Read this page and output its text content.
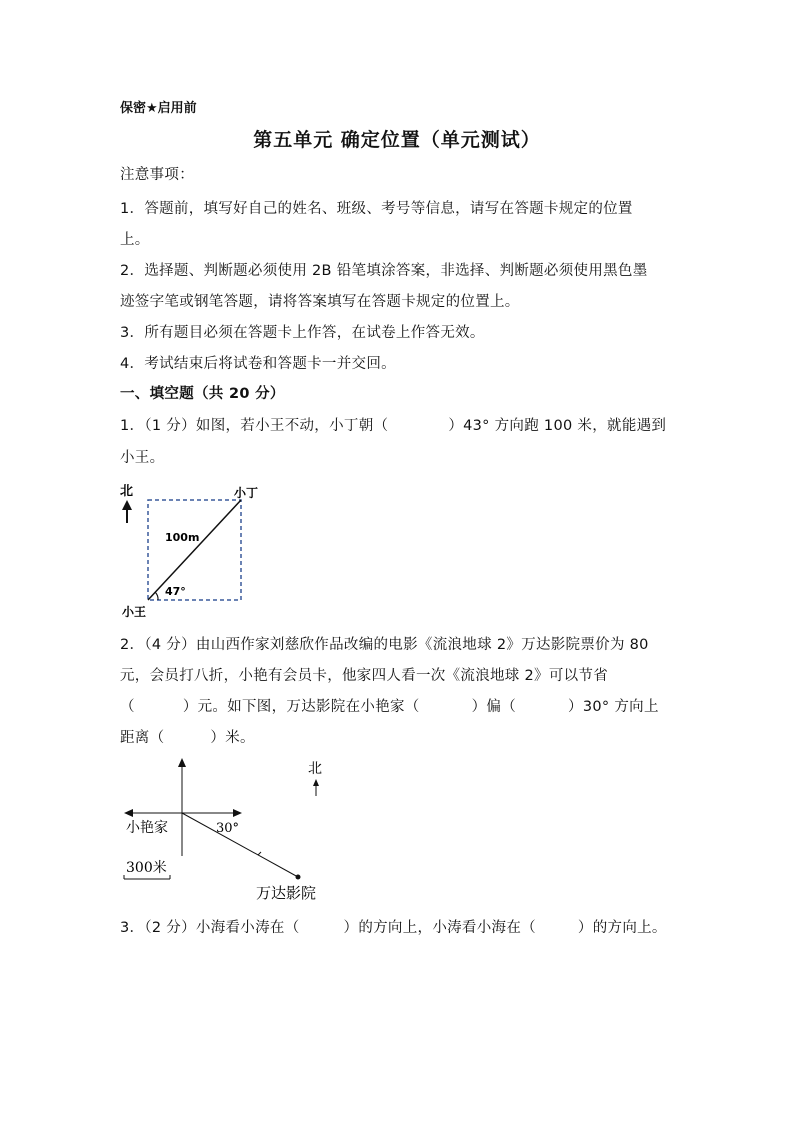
保密★启用前
第五单元 确定位置（单元测试）
注意事项：
1．答题前，填写好自己的姓名、班级、考号等信息，请写在答题卡规定的位置
上。
2．选择题、判断题必须使用 2B 铅笔填涂答案，非选择、判断题必须使用黑色墨
迹签字笔或钢笔答题，请将答案填写在答题卡规定的位置上。
3．所有题目必须在答题卡上作答，在试卷上作答无效。
4．考试结束后将试卷和答题卡一并交回。
一、填空题（共 20 分）
1．（1 分）如图，若小王不动，小丁朝（	）43° 方向跑 100 米，就能遇到
小王。
北	小丁
100m
47°
小王
2．（4 分）由山西作家刘慈欣作品改编的电影《流浪地球 2》万达影院票价为 80
元，会员打八折，小艳有会员卡，他家四人看一次《流浪地球 2》可以节省
（	）元。如下图，万达影院在小艳家（	）偏（	）30° 方向上
距离（	）米。
北
小艳家	30°
300米
万达影院
3．（2 分）小海看小涛在（	）的方向上，小涛看小海在（	）的方向上。
